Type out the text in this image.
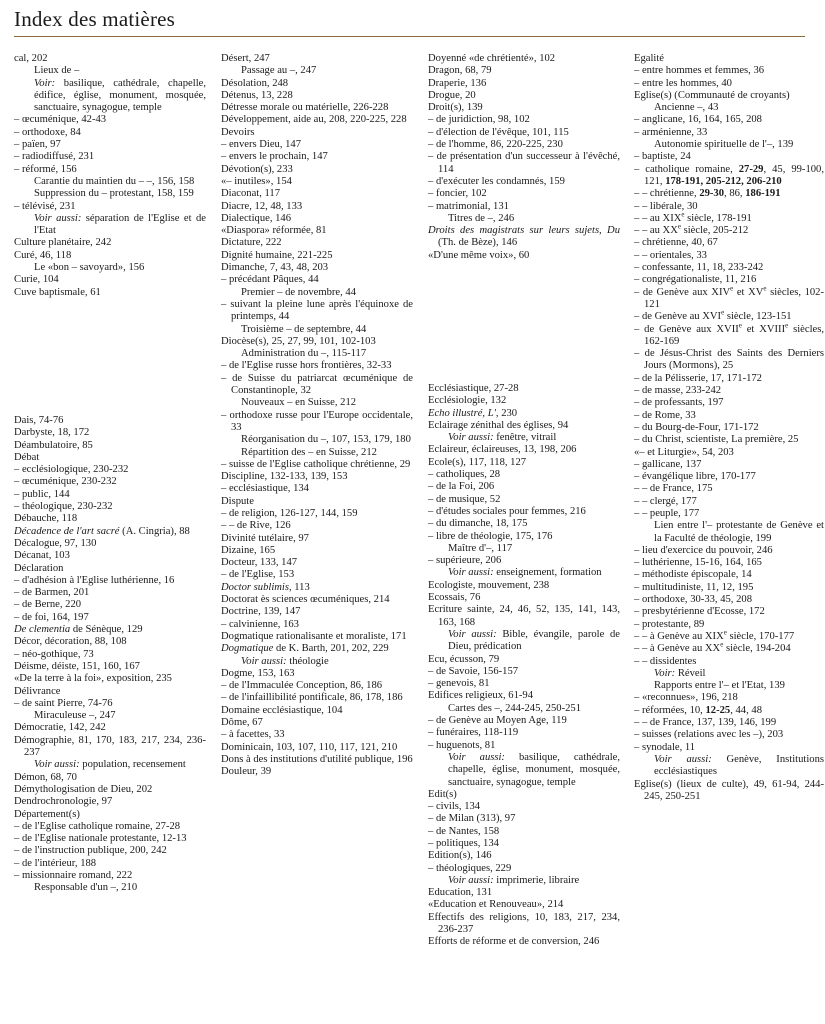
Index des matières
cal, 202
Lieux de –
Voir: basilique, cathédrale, chapelle, édifice, église, monument, mosquée, sanctuaire, synagogue, temple
– œcuménique, 42-43
– orthodoxe, 84
– païen, 97
– radiodiffusé, 231
– réformé, 156
Carantie du maintien du – –, 156, 158
Suppression du – protestant, 158, 159
– télévisé, 231
Voir aussi: séparation de l'Eglise et de l'Etat
Culture planétaire, 242
Curé, 46, 118
Le «bon – savoyard», 156
Curie, 104
Cuve baptismale, 61
Dais, 74-76
Darbyste, 18, 172
Déambulatoire, 85
Débat
– ecclésiologique, 230-232
– œcuménique, 230-232
– public, 144
– théologique, 230-232
Débauche, 118
Décadence de l'art sacré (A. Cingria), 88
Décalogue, 97, 130
Décanat, 103
Déclaration
– d'adhésion à l'Eglise luthérienne, 16
– de Barmen, 201
– de Berne, 220
– de foi, 164, 197
De clementia de Sénèque, 129
Décor, décoration, 88, 108
– néo-gothique, 73
Déisme, déiste, 151, 160, 167
«De la terre à la foi», exposition, 235
Délivrance
– de saint Pierre, 74-76
Miraculeuse –, 247
Démocratie, 142, 242
Démographie, 81, 170, 183, 217, 234, 236-237
Voir aussi: population, recensement
Démon, 68, 70
Démythologisation de Dieu, 202
Dendrochronologie, 97
Département(s)
– de l'Eglise catholique romaine, 27-28
– de l'Eglise nationale protestante, 12-13
– de l'instruction publique, 200, 242
– de l'intérieur, 188
– missionnaire romand, 222
Responsable d'un –, 210
Désert, 247
Passage au –, 247
Désolation, 248
Détenus, 13, 228
Détresse morale ou matérielle, 226-228
Développement, aide au, 208, 220-225, 228
Devoirs
– envers Dieu, 147
– envers le prochain, 147
Dévotion(s), 233
«– inutiles», 154
Diaconat, 117
Diacre, 12, 48, 133
Dialectique, 146
«Diaspora» réformée, 81
Dictature, 222
Dignité humaine, 221-225
Dimanche, 7, 43, 48, 203
– précédant Pâques, 44
Premier – de novembre, 44
– suivant la pleine lune après l'équinoxe de printemps, 44
Troisième – de septembre, 44
Diocèse(s), 25, 27, 99, 101, 102-103
Administration du –, 115-117
– de l'Eglise russe hors frontières, 32-33
– de Suisse du patriarcat œcuménique de Constantinople, 32
Nouveaux – en Suisse, 212
– orthodoxe russe pour l'Europe occidentale, 33
Réorganisation du –, 107, 153, 179, 180
Répartition des – en Suisse, 212
– suisse de l'Eglise catholique chrétienne, 29
Discipline, 132-133, 139, 153
– ecclésiastique, 134
Dispute
– de religion, 126-127, 144, 159
– – de Rive, 126
Divinité tutélaire, 97
Dizaine, 165
Docteur, 133, 147
– de l'Eglise, 153
Doctor sublimis, 113
Doctorat ès sciences œcuméniques, 214
Doctrine, 139, 147
– calvinienne, 163
Dogmatique rationalisante et moraliste, 171
Dogmatique de K. Barth, 201, 202, 229
Voir aussi: théologie
Dogme, 153, 163
– de l'Immaculée Conception, 86, 186
– de l'infaillibilité pontificale, 86, 178, 186
Domaine ecclésiastique, 104
Dôme, 67
– à facettes, 33
Dominicain, 103, 107, 110, 117, 121, 210
Dons à des institutions d'utilité publique, 196
Douleur, 39
Doyenné «de chrétienté», 102
Dragon, 68, 79
Draperie, 136
Drogue, 20
Droit(s), 139
– de juridiction, 98, 102
– d'élection de l'évêque, 101, 115
– de l'homme, 86, 220-225, 230
– de présentation d'un successeur à l'évêché, 114
– d'exécuter les condamnés, 159
– foncier, 102
– matrimonial, 131
Titres de –, 246
Droits des magistrats sur leurs sujets, Du (Th. de Bèze), 146
«D'une même voix», 60
Ecclésiastique, 27-28
Ecclésiologie, 132
Echo illustré, L', 230
Eclairage zénithal des églises, 94
Voir aussi: fenêtre, vitrail
Eclaireur, éclaireuses, 13, 198, 206
Ecole(s), 117, 118, 127
– catholiques, 28
– de la Foi, 206
– de musique, 52
– d'études sociales pour femmes, 216
– du dimanche, 18, 175
– libre de théologie, 175, 176
Maître d'–, 117
– supérieure, 206
Voir aussi: enseignement, formation
Ecologiste, mouvement, 238
Ecossais, 76
Ecriture sainte, 24, 46, 52, 135, 141, 143, 163, 168
Voir aussi: Bible, évangile, parole de Dieu, prédication
Ecu, écusson, 79
– de Savoie, 156-157
– genevois, 81
Edifices religieux, 61-94
Cartes des –, 244-245, 250-251
– de Genève au Moyen Age, 119
– funéraires, 118-119
– huguenots, 81
Voir aussi: basilique, cathédrale, chapelle, église, monument, mosquée, sanctuaire, synagogue, temple
Edit(s)
– civils, 134
– de Milan (313), 97
– de Nantes, 158
– politiques, 134
Edition(s), 146
– théologiques, 229
Voir aussi: imprimerie, libraire
Education, 131
«Education et Renouveau», 214
Effectifs des religions, 10, 183, 217, 234, 236-237
Efforts de réforme et de conversion, 246
Egalité
– entre hommes et femmes, 36
– entre les hommes, 40
Eglise(s) (Communauté de croyants)
Ancienne –, 43
– anglicane, 16, 164, 165, 208
– arménienne, 33
Autonomie spirituelle de l'–, 139
– baptiste, 24
– catholique romaine, 27-29, 45, 99-100, 121, 178-191, 205-212, 206-210
– – chrétienne, 29-30, 86, 186-191
– – libérale, 30
– – au XIXe siècle, 178-191
– – au XXe siècle, 205-212
– chrétienne, 40, 67
– – orientales, 33
– confessante, 11, 18, 233-242
– congrégationaliste, 11, 216
– de Genève aux XIVe et XVe siècles, 102-121
– de Genève au XVIe siècle, 123-151
– de Genève aux XVIIe et XVIIIe siècles, 162-169
– de Jésus-Christ des Saints des Derniers Jours (Mormons), 25
– de la Pélisserie, 17, 171-172
– de masse, 233-242
– de professants, 197
– de Rome, 33
– du Bourg-de-Four, 171-172
– du Christ, scientiste, La première, 25
«– et Liturgie», 54, 203
– gallicane, 137
– évangélique libre, 170-177
– – de France, 175
– – clergé, 177
– – peuple, 177
Lien entre l'– protestante de Genève et la Faculté de théologie, 199
– lieu d'exercice du pouvoir, 246
– luthérienne, 15-16, 164, 165
– méthodiste épiscopale, 14
– multitudiniste, 11, 12, 195
– orthodoxe, 30-33, 45, 208
– presbytérienne d'Ecosse, 172
– protestante, 89
– – à Genève au XIXe siècle, 170-177
– – à Genève au XXe siècle, 194-204
– – dissidentes
Voir: Réveil
Rapports entre l'– et l'Etat, 139
– «reconnues», 196, 218
– réformées, 10, 12-25, 44, 48
– – de France, 137, 139, 146, 199
– suisses (relations avec les –), 203
– synodale, 11
Voir aussi: Genève, Institutions ecclésiastiques
Eglise(s) (lieux de culte), 49, 61-94, 244-245, 250-251
